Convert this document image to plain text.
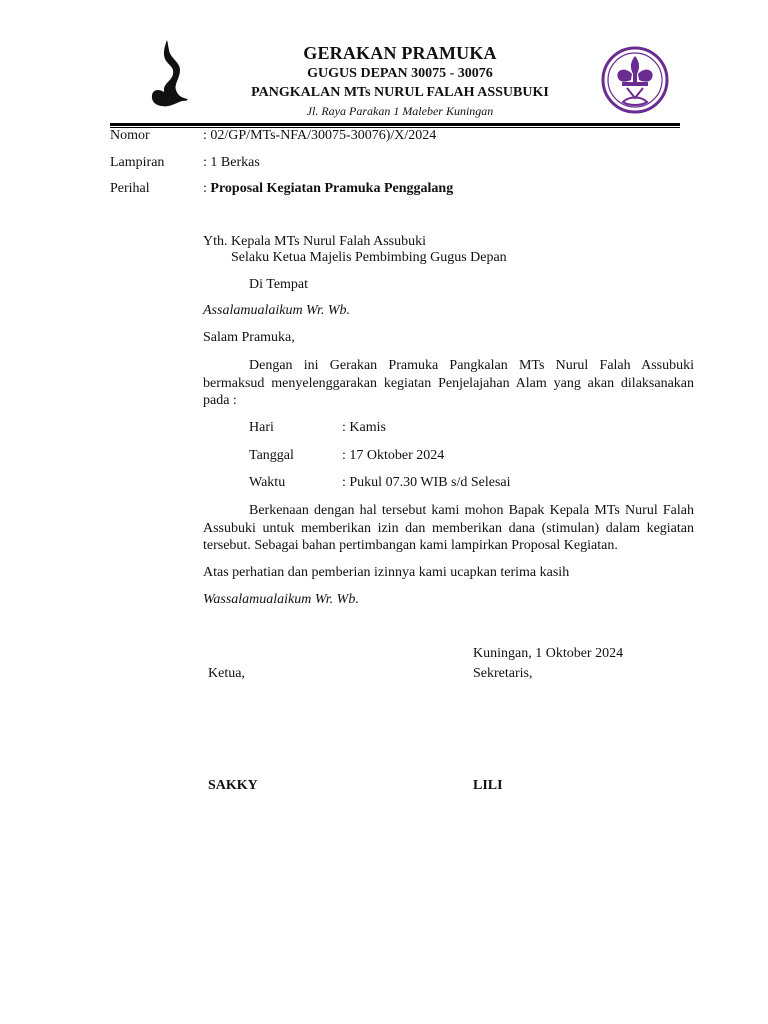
GERAKAN PRAMUKA
GUGUS DEPAN 30075 - 30076
PANGKALAN MTs NURUL FALAH ASSUBUKI
Jl. Raya Parakan 1 Maleber Kuningan
Nomor	: 02/GP/MTs-NFA/30075-30076)/X/2024
Lampiran	: 1 Berkas
Perihal	: Proposal Kegiatan Pramuka Penggalang
Yth. Kepala MTs Nurul Falah Assubuki
Selaku Ketua Majelis Pembimbing Gugus Depan
Di Tempat
Assalamualaikum Wr. Wb.
Salam Pramuka,
Dengan ini Gerakan Pramuka Pangkalan MTs Nurul Falah Assubuki bermaksud menyelenggarakan kegiatan Penjelajahan Alam yang akan dilaksanakan pada :
Hari	: Kamis
Tanggal	: 17 Oktober 2024
Waktu	: Pukul 07.30 WIB s/d Selesai
Berkenaan dengan hal tersebut kami mohon Bapak Kepala MTs Nurul Falah Assubuki untuk memberikan izin dan memberikan dana (stimulan) dalam kegiatan tersebut. Sebagai bahan pertimbangan kami lampirkan Proposal Kegiatan.
Atas perhatian dan pemberian izinnya kami ucapkan terima kasih
Wassalamualaikum Wr. Wb.
Kuningan, 1 Oktober 2024
Ketua,	Sekretaris,
SAKKY	LILI
